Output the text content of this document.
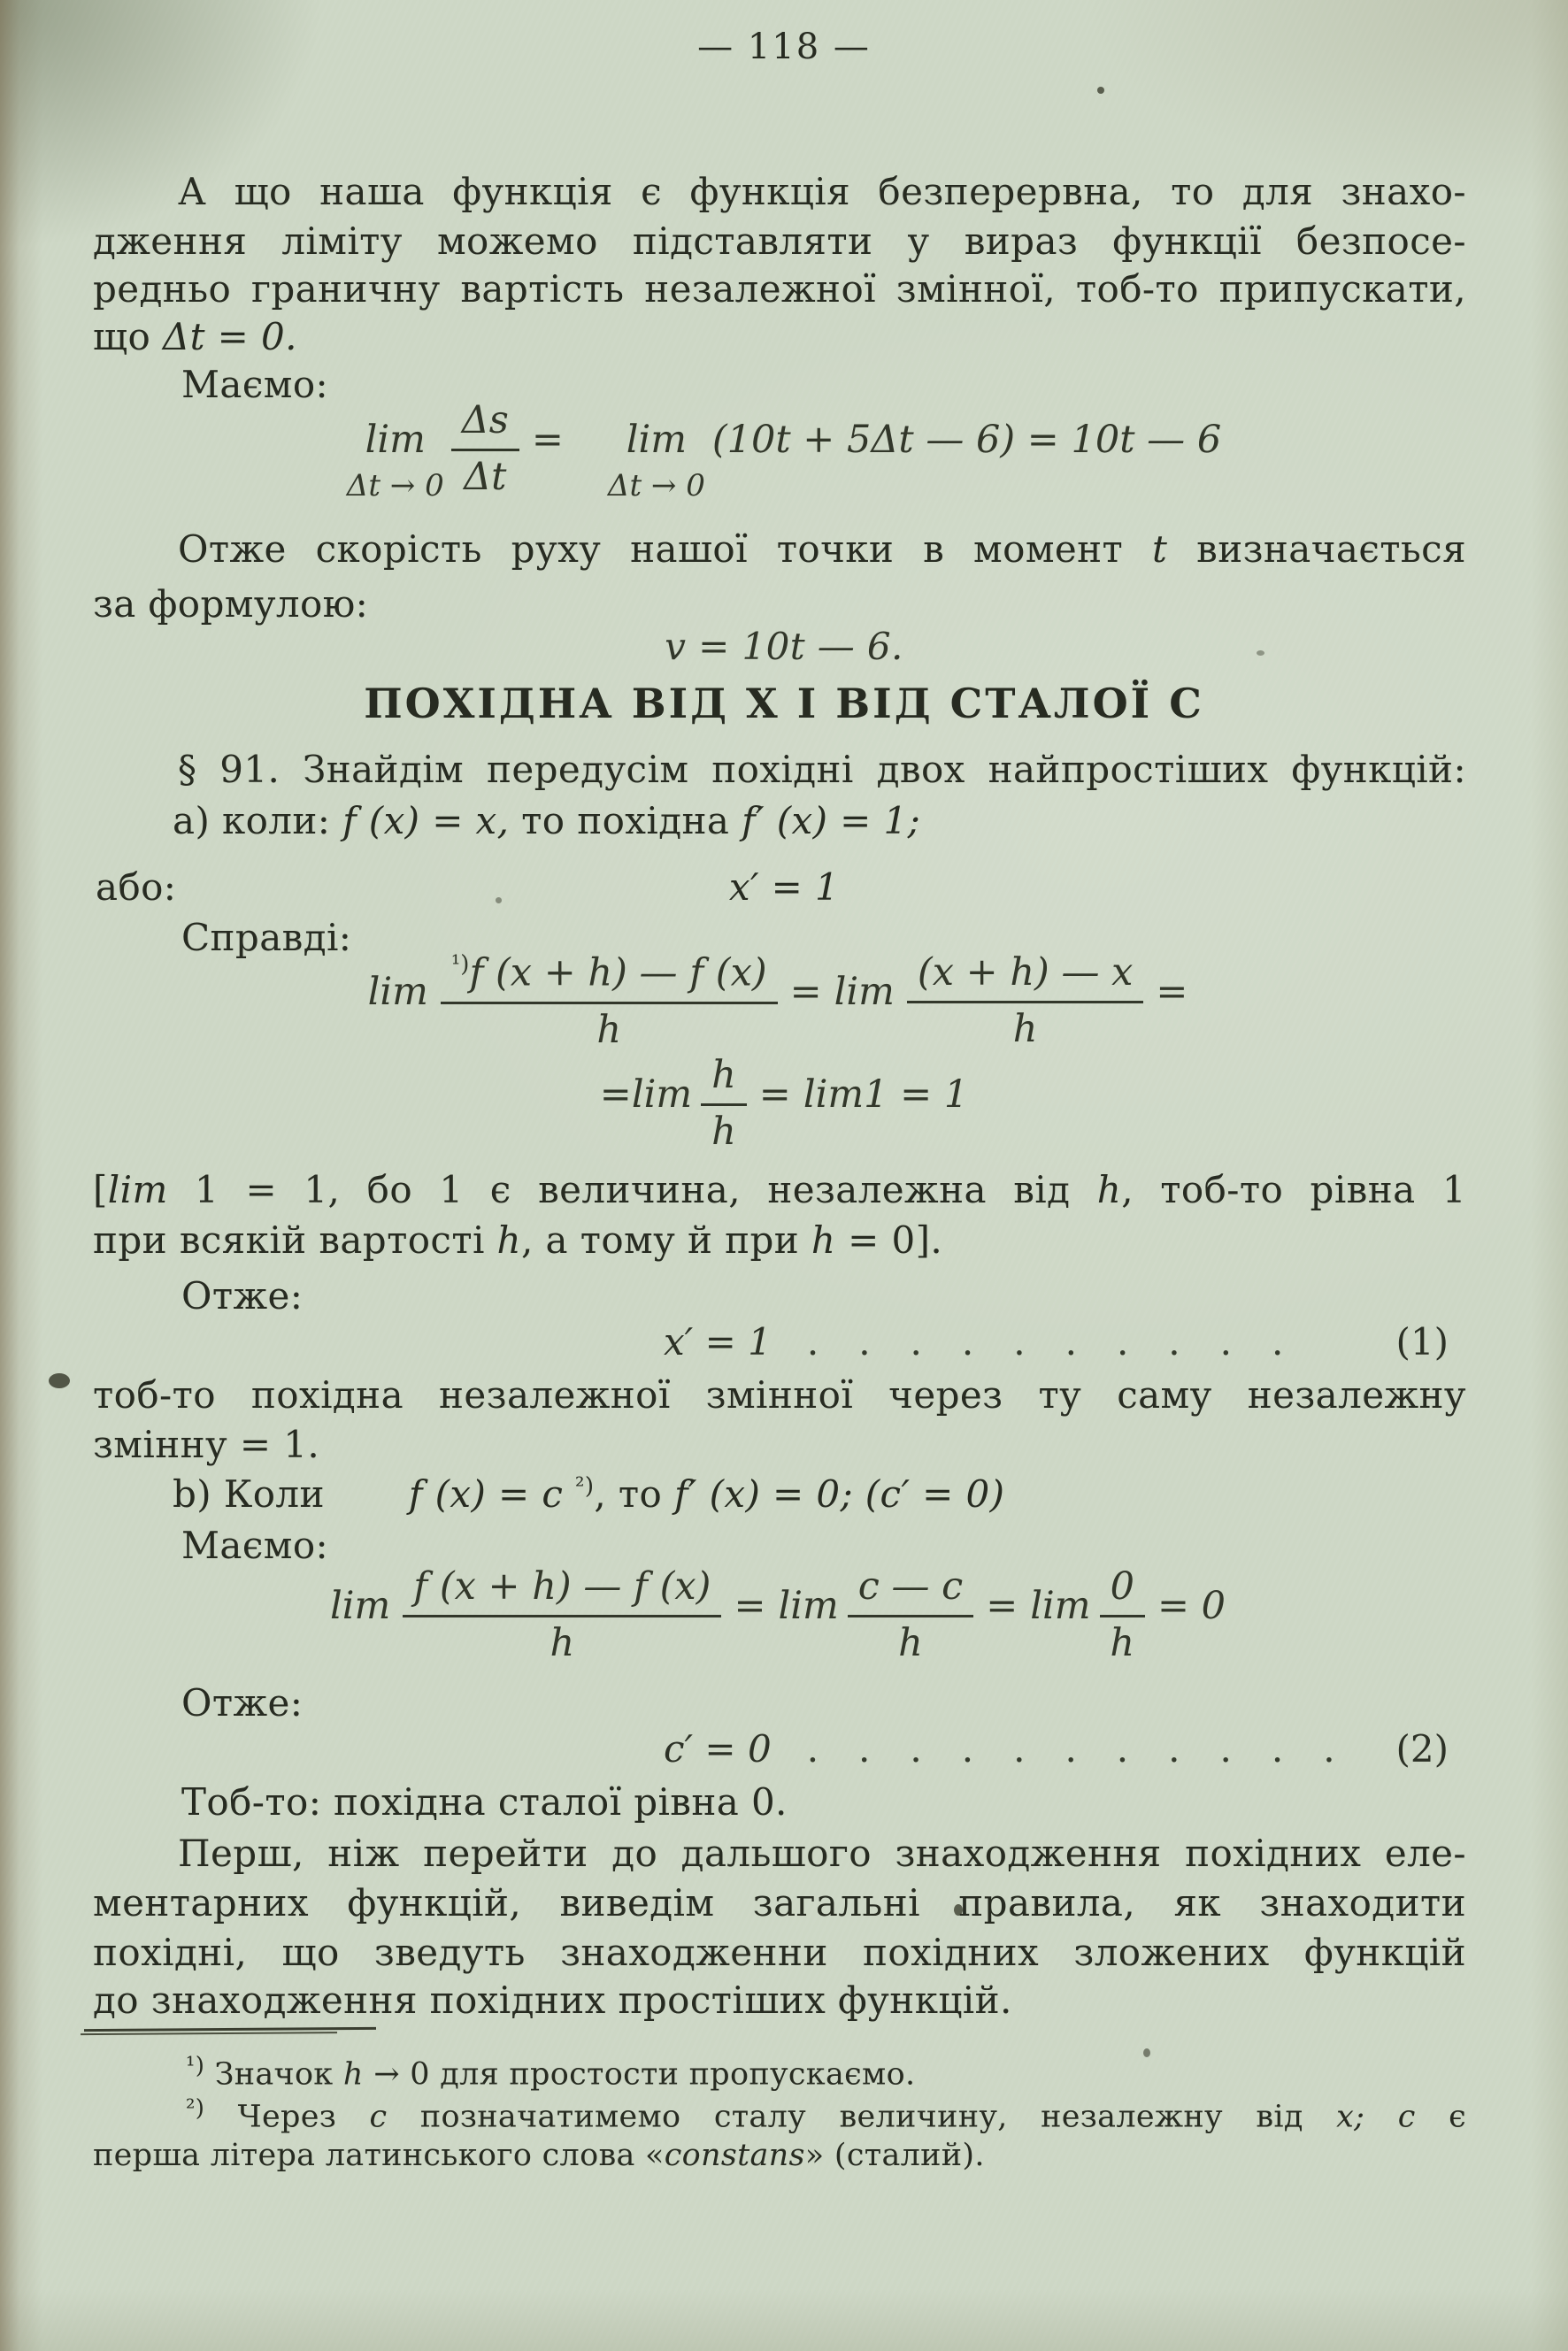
— 118 —
А що наша функція є функція безперервна, то для знахо-
дження ліміту можемо підставляти у вираз функції безпосе-
редньо граничну вартість незалежної змінної, тоб-то припускати,
що Δt = 0.
Маємо:
lim
$\Delta t \to 0 \frac{\Delta s}{\Delta t} = \lim$
Δt → 0
(10t + 5Δt — 6) = 10t — 6
Отже скорість руху нашої точки в момент t визначається
за формулою:
v = 10t — 6.
ПОХІДНА ВІД X І ВІД СТАЛОЇ С
§ 91. Знайдім передусім похідні двох найпростіших функцій:
а) коли: f (x) = x, то похідна f′ (x) = 1;
або:	x′ = 1
Справді:
$\lim \frac{^{^1)}f (x + h) — f (x)}{h} = \lim \frac{(x + h) — x}{h}$ =
= $\lim \frac{h}{h} = \lim 1 = 1$
[lim 1 = 1, бо 1 є величина, незалежна від h, тоб-то рівна 1
при всякій вартості h, а тому й при h = 0].
Отже:
x′ = 1 ..........	(1)
тоб-то похідна незалежної змінної через ту саму незалежну
змінну = 1.
b) Коли f (x) = c $^{^2)}$, то f′ (x) = 0; (c′ = 0)
Маємо:
$\lim \frac{f (x + h) — f (x)}{h} = \lim \frac{c — c}{h} = \lim \frac{0}{h} = 0$
Отже:
c′ = 0 ........... (2)
Тоб-то: похідна сталої рівна 0.
Перш, ніж перейти до дальшого знаходження похідних еле-
ментарних функцій, виведім загальні правила, як знаходити
похідні, що зведуть знаходженни похідних зложених функцій
до знаходження похідних простіших функцій.
$^{^1)}$ Значок h → 0 для простости пропускаємо.
$^{^2)}$ Через c позначатимемо сталу величину, незалежну від x; c є
перша літера латинського слова «constans» (сталий).
